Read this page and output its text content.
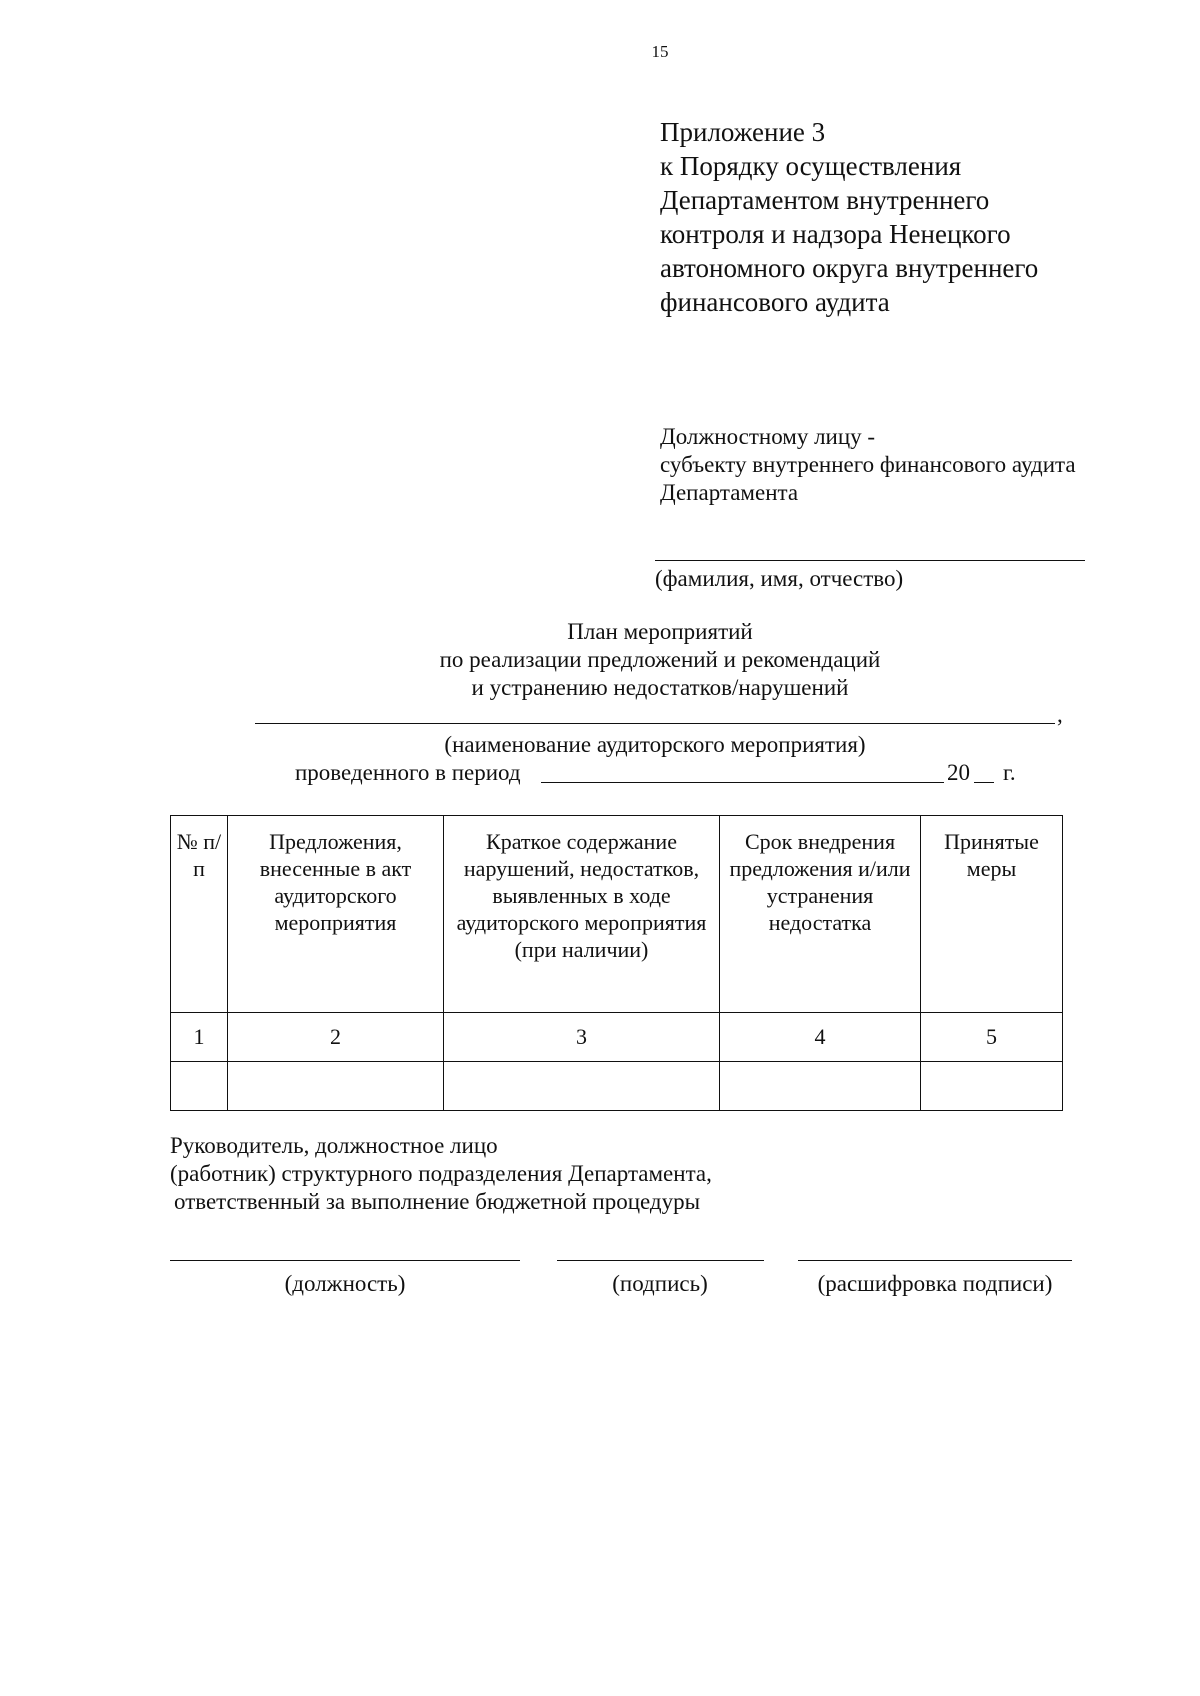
15
Приложение 3
к Порядку осуществления
Департаментом внутреннего
контроля и надзора Ненецкого
автономного округа внутреннего
финансового аудита
Должностному лицу -
субъекту внутреннего финансового аудита
Департамента
(фамилия, имя, отчество)
План мероприятий
по реализации предложений и рекомендаций
и устранению недостатков/нарушений
,
(наименование аудиторского мероприятия)
проведенного в период	20 г.
№ п/п	Предложения, внесенные в акт аудиторского мероприятия	Краткое содержание нарушений, недостатков, выявленных в ходе аудиторского мероприятия (при наличии)	Срок внедрения предложения и/или устранения недостатка	Принятые меры
1	2	3	4	5

Руководитель, должностное лицо
(работник) структурного подразделения Департамента,
ответственный за выполнение бюджетной процедуры
(должность)	(подпись)	(расшифровка подписи)
